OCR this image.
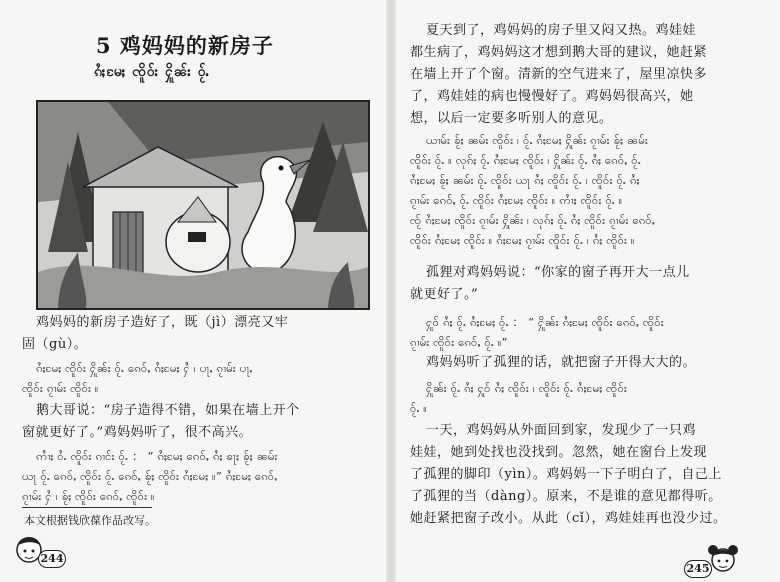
5 鸡妈妈的新房子
ၵႆႈမႄႈ ၸိူဝ်း ႁိူၼ်း ဝႂ်ႉ
鸡妈妈的新房子造好了，既（jì）漂亮又牢
固（gù）。
ၵႆႈမႄႈ ၸိူဝ်း ႁိူၼ်း ဝႂ်ႉ ၵေဝ်ႇ ၵႆႈမႄႈ ႁႆ ၊ ပႃႇ ၵႂၢမ်း ပႃႇ
ၸိူဝ်း ၵႂၢမ်း ၸိူဝ်း ။
鹅大哥说：“房子造得不错，如果在墙上开个
窗就更好了。”鸡妈妈听了，很不高兴。
ဢၢႆႈ ဝႆႉ ၸိူဝ်း ၵၢင်း ဝႂ်ႉ ： “ ၵႆႈမႄႈ ၵေဝ်ႇ ၵႆႈ ၶႃႈ ၶႂ်ႈ ၼမ်း
ယႃ ဝႂ်ႉ ၵေဝ်ႇ ၸိူဝ်း ဝႂ်ႉ ၵေဝ်ႇ ၶႂ်ႈ ၸိူဝ်း ၵႆႈမႄႈ ။” ၵႆႈမႄႈ ၵေဝ်ႇ
ၵႂၢမ်း ႁႆ ၊ ၶႂ်ႈ ၸိူဝ်း ၵေဝ်ႇ ၸိူဝ်း ။
本文根据钱欣葆作品改写。
244
夏天到了，鸡妈妈的房子里又闷又热。鸡娃娃
都生病了，鸡妈妈这才想到鹅大哥的建议，她赶紧
在墙上开了个窗。清新的空气进来了，屋里凉快多
了，鸡娃娃的病也慢慢好了。鸡妈妈很高兴，她
想，以后一定要多听别人的意见。
ယၢမ်း ၶႂ်ႈ ၼမ်း ၸိူဝ်း ၊ ဝႂ်ႉ ၵႆႈမႄႈ ႁိူၼ်း ၵႂၢမ်း ၶႂ်ႈ ၼမ်း
ၸိူဝ်း ဝႂ်ႉ ။ လုၵ်ႈ ဝႂ်ႉ ၵႆႈမႄႈ ၸိူဝ်း ၊ ႁိူၼ်း ဝႂ်ႉ ၵႆႈ ၵေဝ်ႇ ဝႂ်ႉ
ၵႆႈမႄႈ ၶႂ်ႈ ၼမ်း ဝႂ်ႉ ၸိူဝ်း ယႃ ၵႆႈ ၸိူဝ်း ဝႂ်ႉ ၊ ၸိူဝ်း ဝႂ်ႉ ၵႆႈ
ၵႂၢမ်း ၵေဝ်ႇ ဝႂ်ႉ ၸိူဝ်း ၵႆႈမႄႈ ၸိူဝ်း ။ ဢၢႆႈ ၸိူဝ်း ဝႂ်ႉ ။
ၸႂ် ၵႆႈမႄႈ ၸိူဝ်း ၵႂၢမ်း ႁိူၼ်း ၊ လုၵ်ႈ ဝႂ်ႉ ၵႆႈ ၸိူဝ်း ၵႂၢမ်း ၵေဝ်ႇ
ၸိူဝ်း ၵႆႈမႄႈ ၸိူဝ်း ။ ၵႆႈမႄႈ ၵႂၢမ်း ၸိူဝ်း ဝႂ်ႉ ၊ ၵႆႈ ၸိူဝ်း ။
孤狸对鸡妈妈说：“你家的窗子再开大一点儿
就更好了。”
ႁူဝ် ၵႆႈ ဝႂ်ႉ ၵႆႈမႄႈ ဝႂ်ႉ ： “ ႁိူၼ်း ၵႆႈမႄႈ ၸိူဝ်း ၵေဝ်ႇ ၸိူဝ်း
ၵႂၢမ်း ၸိူဝ်း ၵေဝ်ႇ ဝႂ်ႉ ။”
鸡妈妈听了孤狸的话，就把窗子开得大大的。
ႁိူၼ်း ဝႂ်ႉ ၵႆႈ ႁူဝ် ၵႆႈ ၸိူဝ်း ၊ ၸိူဝ်း ဝႂ်ႉ ၵႆႈမႄႈ ၸိူဝ်း
ဝႂ်ႉ ။
一天，鸡妈妈从外面回到家，发现少了一只鸡
娃娃，她到处找也没找到。忽然，她在窗台上发现
了孤狸的脚印（yìn）。鸡妈妈一下子明白了，自己上
了孤狸的当（dàng）。原来，不是谁的意见都得听。
她赶紧把窗子改小。从此（cǐ），鸡娃娃再也没少过。
245
